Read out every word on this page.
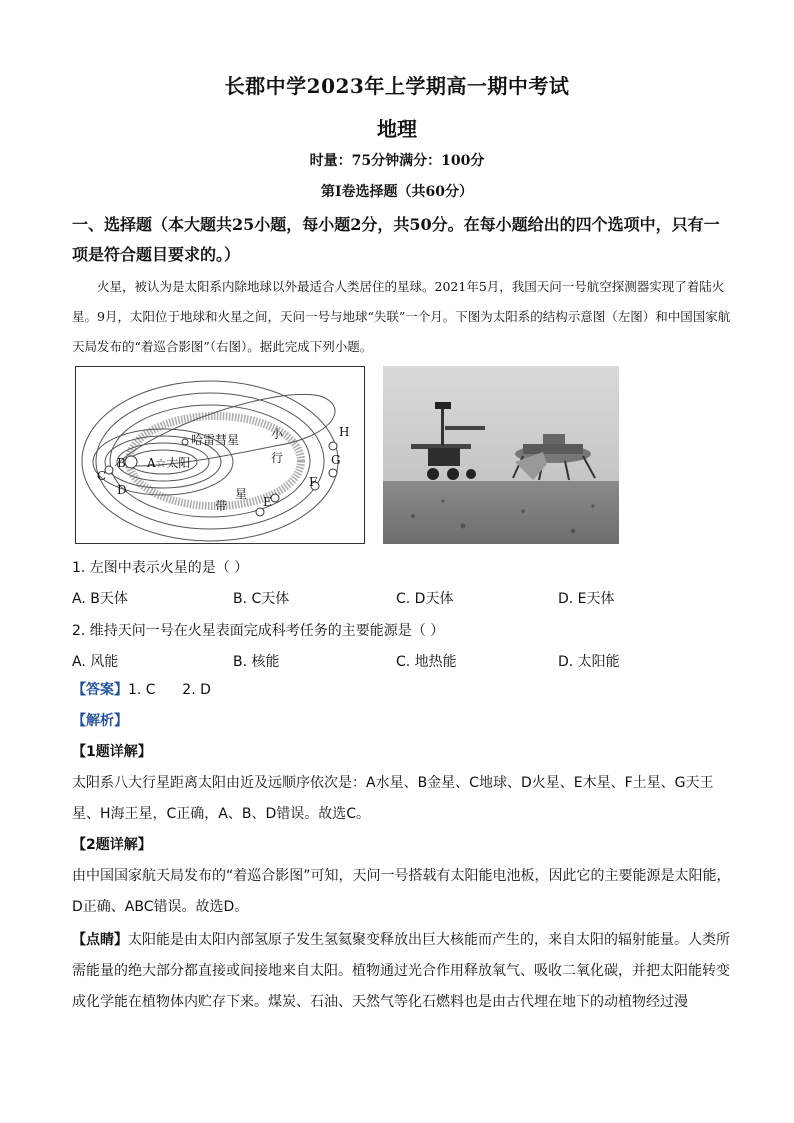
长郡中学2023年上学期高一期中考试
地理
时量：75分钟满分：100分
第Ⅰ卷选择题（共60分）
一、选择题（本大题共25小题，每小题2分，共50分。在每小题给出的四个选项中，只有一项是符合题目要求的。）
火星，被认为是太阳系内除地球以外最适合人类居住的星球。2021年5月，我国天问一号航空探测器实现了着陆火星。9月，太阳位于地球和火星之间，天问一号与地球“失联”一个月。下图为太阳系的结构示意图（左图）和中国国家航天局发布的“着巡合影图”（右图）。据此完成下列小题。
哈雷彗星
A☆太阳
B
C
D
E
F
G
H
小
行
星
带
1. 左图中表示火星的是（ ）
A. B天体	B. C天体	C. D天体	D. E天体
2. 维持天问一号在火星表面完成科考任务的主要能源是（ ）
A. 风能	B. 核能	C. 地热能	D. 太阳能
【答案】1. C      2. D
【解析】
【1题详解】
太阳系八大行星距离太阳由近及远顺序依次是：A水星、B金星、C地球、D火星、E木星、F土星、G天王星、H海王星，C正确，A、B、D错误。故选C。
【2题详解】
由中国国家航天局发布的“着巡合影图”可知，天问一号搭载有太阳能电池板，因此它的主要能源是太阳能，D正确、ABC错误。故选D。
【点睛】太阳能是由太阳内部氢原子发生氢氦聚变释放出巨大核能而产生的，来自太阳的辐射能量。人类所需能量的绝大部分都直接或间接地来自太阳。植物通过光合作用释放氧气、吸收二氧化碳，并把太阳能转变成化学能在植物体内贮存下来。煤炭、石油、天然气等化石燃料也是由古代埋在地下的动植物经过漫
